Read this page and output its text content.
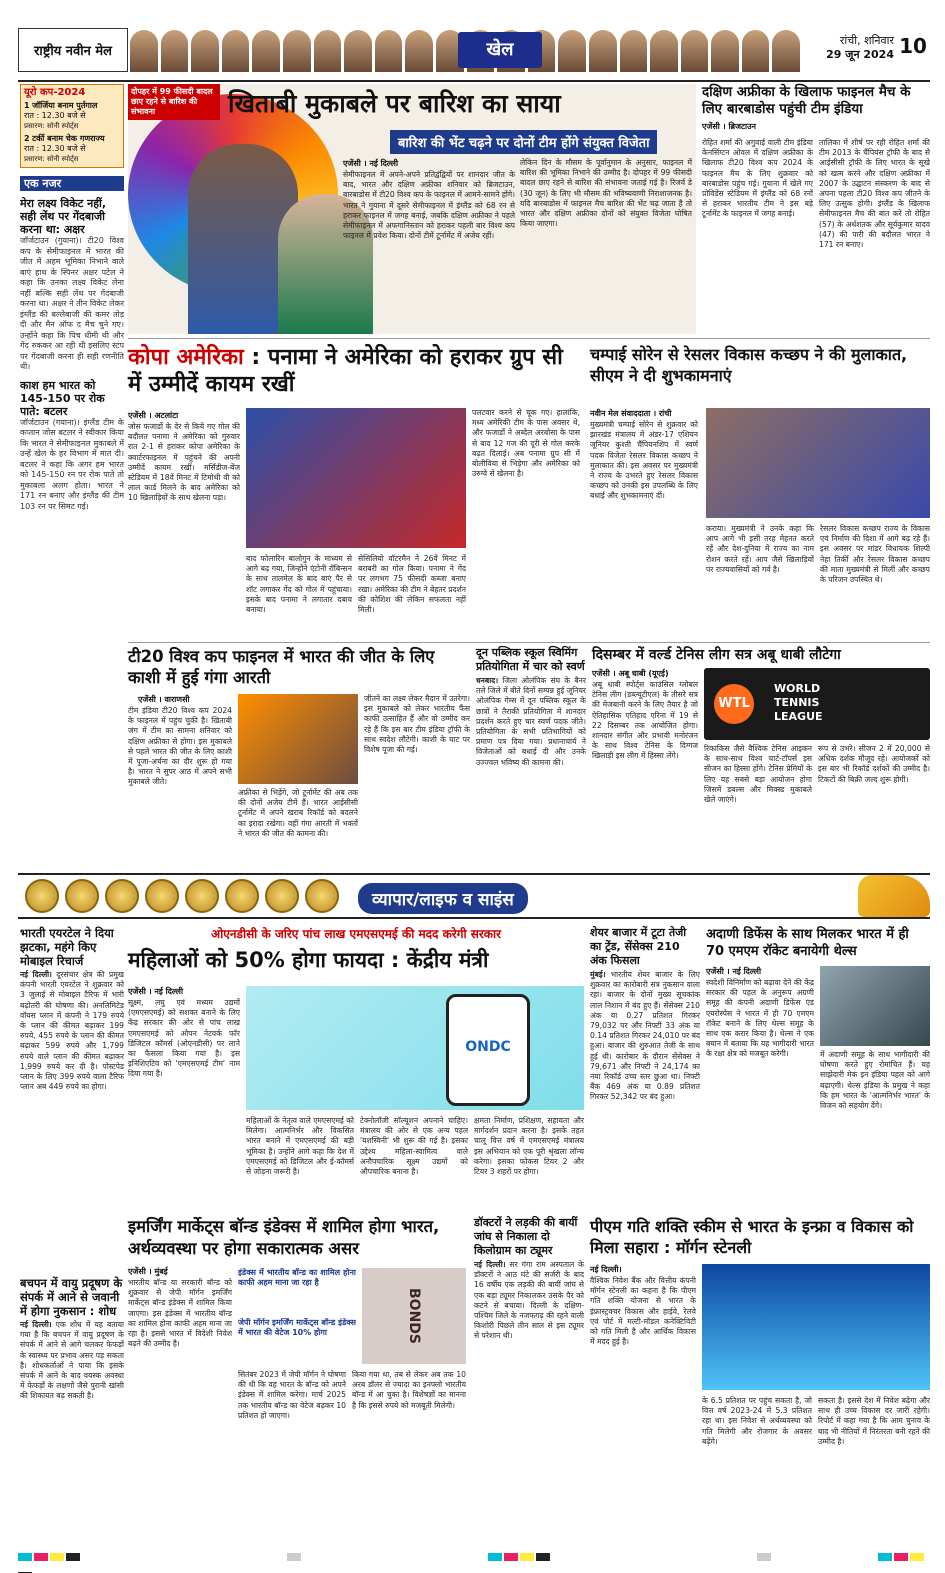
राष्ट्रीय नवीन मेल	खेल	रांची, शनिवार
29 जून 2024 10
यूरो कप-2024
1 जॉर्जिया बनाम पुर्तगाल
रात : 12.30 बजे से
प्रसारण: सोनी स्पोर्ट्स
2 टर्की बनाम चेक गणराज्य
रात : 12.30 बजे से
प्रसारण: सोनी स्पोर्ट्स
एक नजर
मेरा लक्ष्य विकेट नहीं, सही लेंथ पर गेंदबाजी करना था: अक्षर
जॉर्जटाउन (गुयाना)। टी20 विश्व कप के सेमीफाइनल में भारत की जीत में अहम भूमिका निभाने वाले बाएं हाथ के स्पिनर अक्षर पटेल ने कहा कि उनका लक्ष्य विकेट लेना नहीं बल्कि सही लेंथ पर गेंदबाजी करना था। अक्षर ने तीन विकेट लेकर इंग्लैंड की बल्लेबाजी की कमर तोड़ दी और मैन ऑफ द मैच चुने गए। उन्होंने कहा कि पिच धीमी थी और गेंद रुककर आ रही थी इसलिए स्टंप पर गेंदबाजी करना ही सही रणनीति थी।
काश हम भारत को 145-150 पर रोक पाते: बटलर
जॉर्जटाउन (गयाना)। इंग्लैंड टीम के कप्तान जोस बटलर ने स्वीकार किया कि भारत ने सेमीफाइनल मुकाबले में उन्हें खेल के हर विभाग में मात दी। बटलर ने कहा कि अगर हम भारत को 145-150 रन पर रोक पाते तो मुकाबला अलग होता। भारत ने 171 रन बनाए और इंग्लैंड की टीम 103 रन पर सिमट गई।
दोपहर में 99 फीसदी बादल छाए रहने से बारिश की संभावना	खिताबी मुकाबले पर बारिश का साया
बारिश की भेंट चढ़ने पर दोनों टीम होंगे संयुक्त विजेता
एजेंसी । नई दिल्ली
सेमीफाइनल में अपने-अपने प्रतिद्वंद्वियों पर शानदार जीत के बाद, भारत और दक्षिण अफ्रीका शनिवार को ब्रिजटाउन, बारबाडोस में टी20 विश्व कप के फाइनल में आमने-सामने होंगे। भारत ने गुयाना में दूसरे सेमीफाइनल में इंग्लैंड को 68 रन से हराकर फाइनल में जगह बनाई, जबकि दक्षिण अफ्रीका ने पहले सेमीफाइनल में अफगानिस्तान को हराकर पहली बार विश्व कप फाइनल में प्रवेश किया। दोनों टीमें टूर्नामेंट में अजेय रहीं।
लेकिन दिन के मौसम के पूर्वानुमान के अनुसार, फाइनल में बारिश की भूमिका निभाने की उम्मीद है। दोपहर में 99 फीसदी बादल छाए रहने से बारिश की संभावना जताई गई है। रिजर्व डे (30 जून) के लिए भी मौसम की भविष्यवाणी निराशाजनक है। यदि बारबाडोस में फाइनल मैच बारिश की भेंट चढ़ जाता है तो भारत और दक्षिण अफ्रीका दोनों को संयुक्त विजेता घोषित किया जाएगा।
दक्षिण अफ्रीका के खिलाफ फाइनल मैच के लिए बारबाडोस पहुंची टीम इंडिया
एजेंसी । ब्रिजटाउन
रोहित शर्मा की अगुवाई वाली टीम इंडिया केनसिंग्टन ओवल में दक्षिण अफ्रीका के खिलाफ टी20 विश्व कप 2024 के फाइनल मैच के लिए शुक्रवार को बारबाडोस पहुंच गई। गुयाना में खेले गए प्रोविडेंस स्टेडियम में इंग्लैंड को 68 रनों से हराकर भारतीय टीम ने इस बड़े टूर्नामेंट के फाइनल में जगह बनाई।
तालिका में शीर्ष पर रही रोहित शर्मा की टीम 2013 के चैंपियंस ट्रॉफी के बाद से आईसीसी ट्रॉफी के लिए भारत के सूखे को खत्म करने और दक्षिण अफ्रीका में 2007 के उद्घाटन संस्करण के बाद से अपना पहला टी20 विश्व कप जीतने के लिए उत्सुक होगी। इंग्लैंड के खिलाफ सेमीफाइनल मैच की बात करें तो रोहित (57) के अर्धशतक और सूर्यकुमार यादव (47) की पारी की बदौलत भारत ने 171 रन बनाए।
कोपा अमेरिका : पनामा ने अमेरिका को हराकर ग्रुप सी में उम्मीदें कायम रखीं
एजेंसी । अटलांटा
जोस फजार्डो के देर से किये गए गोल की बदौलत पनामा ने अमेरिका को गुरुवार रात 2-1 से हराकर कोपा अमेरिका के क्वार्टरफाइनल में पहुंचने की अपनी उम्मीदें कायम रखीं। मर्सिडीज-बेंज स्टेडियम में 18वें मिनट में टिमोथी वी को लाल कार्ड मिलने के बाद अमेरिका को 10 खिलाड़ियों के साथ खेलना पड़ा।
बाद फोलारिन बालोगुन के माध्यम से आगे बढ़ गया, जिन्होंने एंटोनी रॉबिन्सन के साथ तालमेल के बाद बाएं पैर से शॉट लगाकर गेंद को गोल में पहुंचाया। इसके बाद पनामा ने लगातार दबाव बनाया।
सेसिलियो वॉटरमैन ने 26वें मिनट में बराबरी का गोल किया। पनामा ने गेंद पर लगभग 75 फीसदी कब्जा बनाए रखा। अमेरिका की टीम ने बेहतर प्रदर्शन की कोशिश की लेकिन सफलता नहीं मिली।
पलटवार करने से चूक गए। हालांकि, मध्य अमेरिकी टीम के पास अवसर थे, और फजार्डो ने अब्देल अरबोसा के पास से बाद 12 गज की दूरी से गोल करके बढ़त दिलाई। अब पनामा ग्रुप सी में बोलीविया से भिड़ेगा और अमेरिका को उरुग्वे से खेलना है।
चम्पाई सोरेन से रेसलर विकास कच्छप ने की मुलाकात, सीएम ने दी शुभकामनाएं
नवीन मेल संवाददाता । रांची
मुख्यमंत्री चम्पाई सोरेन से शुक्रवार को झारखंड मंत्रालय में अंडर-17 एशियन जूनियर कुश्ती चैंपियनशिप में स्वर्ण पदक विजेता रेसलर विकास कच्छप ने मुलाकात की। इस अवसर पर मुख्यमंत्री ने राज्य के उभरते हुए रेसलर विकास कच्छप को उनकी इस उपलब्धि के लिए बधाई और शुभकामनाएं दीं।
कराया। मुख्यमंत्री ने उनके कहा कि आप आगे भी इसी तरह मेहनत करते रहें और देश-दुनिया में राज्य का नाम रोशन करते रहें। आप जैसे खिलाड़ियों पर राज्यवासियों को गर्व है।
रेसलर विकास कच्छप राज्य के विकास एवं निर्माण की दिशा में आगे बढ़ रहे हैं। इस अवसर पर मांडर विधायक शिल्पी नेहा तिर्की और रेसलर विकास कच्छप की माता मुख्यमंत्री से मिलीं और कच्छप के परिजन उपस्थित थे।
टी20 विश्व कप फाइनल में भारत की जीत के लिए काशी में हुई गंगा आरती
एजेंसी । वाराणसी
टीम इंडिया टी20 विश्व कप 2024 के फाइनल में पहुंच चुकी है। खिताबी जंग में टीम का सामना शनिवार को दक्षिण अफ्रीका से होगा। इस मुकाबले से पहले भारत की जीत के लिए काशी में पूजा-अर्चना का दौर शुरू हो गया है। भारत ने सुपर आठ में अपने सभी मुकाबले जीते।
अफ्रीका से भिड़ेंगे, जो टूर्नामेंट की अब तक की दोनों अजेय टीमें हैं। भारत आईसीसी टूर्नामेंट में अपने खराब रिकॉर्ड को बदलने का इरादा रखेगा। वहीं गंगा आरती में भक्तों ने भारत की जीत की कामना की।
जीतने का लक्ष्य लेकर मैदान में उतरेगा। इस मुकाबले को लेकर भारतीय फैंस काफी उत्साहित हैं और वो उम्मीद कर रहे हैं कि इस बार टीम इंडिया ट्रॉफी के साथ स्वदेश लौटेगी। काशी के घाट पर विशेष पूजा की गई।
दून पब्लिक स्कूल स्विमिंग प्रतियोगिता में चार को स्वर्ण
धनबाद। जिला ओलंपिक संघ के बैनर तले जिले में बीते दिनों सम्पन्न हुई जूनियर ओलंपिक गेम्स में दून पब्लिक स्कूल के छात्रों ने तैराकी प्रतियोगिता में शानदार प्रदर्शन करते हुए चार स्वर्ण पदक जीते। प्रतियोगिता के सभी प्रतिभागियों को प्रमाण पत्र दिया गया। प्रधानाचार्य ने विजेताओं को बधाई दी और उनके उज्ज्वल भविष्य की कामना की।
दिसम्बर में वर्ल्ड टेनिस लीग सत्र अबू धाबी लौटेगा
एजेंसी । अबू धाबी (यूएई)
अबू धाबी स्पोर्ट्स काउंसिल ग्लोबल टेनिस लीग (डब्ल्यूटीएल) के तीसरे सत्र की मेजबानी करने के लिए तैयार है जो ऐतिहासिक एतिहाद एरिना में 19 से 22 दिसम्बर तक आयोजित होगा। शानदार संगीत और प्रभावी मनोरंजन के साथ विश्व टेनिस के दिग्गज खिलाड़ी इस लीग में हिस्सा लेंगे।
WTL
WORLD
TENNIS
LEAGUE
रिकाकिस जैसे वैश्विक टेनिस आइकन के साथ-साथ विश्व चार्ट-टॉपर्स इस सीजन का हिस्सा होंगे। टेनिस प्रेमियों के लिए यह सबसे बड़ा आयोजन होगा जिसमें डबल्स और मिक्स्ड मुकाबले खेले जाएंगे।
रूप से उभरे। सीजन 2 में 20,000 से अधिक दर्शक मौजूद रहे। आयोजकों को इस बार भी रिकॉर्ड दर्शकों की उम्मीद है। टिकटों की बिक्री जल्द शुरू होगी।
व्यापार/लाइफ व साइंस
भारती एयरटेल ने दिया झटका, महंगे किए मोबाइल रिचार्ज
नई दिल्ली। दूरसंचार क्षेत्र की प्रमुख कंपनी भारती एयरटेल ने शुक्रवार को 3 जुलाई से मोबाइल टैरिफ में भारी बढ़ोतरी की घोषणा की। अनलिमिटेड वॉयस प्लान में कंपनी ने 179 रुपये के प्लान की कीमत बढ़ाकर 199 रुपये, 455 रुपये के प्लान की कीमत बढ़ाकर 599 रुपये और 1,799 रुपये वाले प्लान की कीमत बढ़ाकर 1,999 रुपये कर दी है। पोस्टपेड प्लान के लिए 399 रुपये वाला टैरिफ प्लान अब 449 रुपये का होगा।
बचपन में वायु प्रदूषण के संपर्क में आने से जवानी में होगा नुकसान : शोध
नई दिल्ली। एक शोध में यह बताया गया है कि बचपन में वायु प्रदूषण के संपर्क में आने से आगे चलकर फेफड़ों के स्वास्थ्य पर प्रभाव असर पड़ सकता है। शोधकर्ताओं ने पाया कि इसके संपर्क में आने के बाद वयस्क अवस्था में फेफड़ों के लक्षणों जैसे पुरानी खांसी की शिकायत बढ़ सकती है।
ओएनडीसी के जरिए पांच लाख एमएसएमई की मदद करेगी सरकार
महिलाओं को 50% होगा फायदा : केंद्रीय मंत्री
एजेंसी । नई दिल्ली
सूक्ष्म, लघु एवं मध्यम उद्यमों (एमएसएमई) को सशक्त बनाने के लिए केंद्र सरकार की ओर से पांच लाख एमएसएमई को ओपन नेटवर्क फॉर डिजिटल कॉमर्स (ओएनडीसी) पर लाने का फैसला किया गया है। इस इनिशिएटिव को 'एमएसएमई टीम' नाम दिया गया है।
ONDC
महिलाओं के नेतृत्व वाले एमएसएमई को मिलेगा। आत्मनिर्भर और विकसित भारत बनाने में एमएसएमई की बड़ी भूमिका है। उन्होंने आगे कहा कि देश में एमएसएमई को डिजिटल और ई-कॉमर्स से जोड़ना जरूरी है।
टेक्नोलॉजी सॉल्यूशन अपनाने चाहिए। मंत्रालय की ओर से एक अन्य पहल 'यशस्विनी' भी शुरू की गई है। इसका उद्देश्य महिला-स्वामित्व वाले अनौपचारिक सूक्ष्म उद्यमों को औपचारिक बनाना है।
क्षमता निर्माण, प्रशिक्षण, सहायता और मार्गदर्शन प्रदान करना है। इसके तहत चालू वित्त वर्ष में एमएसएमई मंत्रालय इस अभियान को एक पूरी श्रृंखला लॉन्च करेगा। इसका फोकस टियर 2 और टियर 3 शहरों पर होगा।
शेयर बाजार में टूटा तेजी का ट्रेंड, सेंसेक्स 210 अंक फिसला
मुंबई। भारतीय शेयर बाजार के लिए शुक्रवार का कारोबारी सत्र नुकसान वाला रहा। बाजार के दोनों मुख्य सूचकांक लाल निशान में बंद हुए हैं। सेंसेक्स 210 अंक या 0.27 प्रतिशत गिरकर 79,032 पर और निफ्टी 33 अंक या 0.14 प्रतिशत गिरकर 24,010 पर बंद हुआ। बाजार की शुरुआत तेजी के साथ हुई थी। कारोबार के दौरान सेंसेक्स ने 79,671 और निफ्टी ने 24,174 का नया रिकॉर्ड उच्च स्तर छुआ था। निफ्टी बैंक 469 अंक या 0.89 प्रतिशत गिरकर 52,342 पर बंद हुआ।
अदाणी डिफेंस के साथ मिलकर भारत में ही 70 एमएम रॉकेट बनायेगी थेल्स
एजेंसी । नई दिल्ली
स्वदेशी विनिर्माण को बढ़ावा देने की केंद्र सरकार की पहल के अनुरूप अग्रणी समूह की कंपनी अदाणी डिफेंस एंड एयरोस्पेस ने भारत में ही 70 एमएम रॉकेट बनाने के लिए थेल्स समूह के साथ एक करार किया है। थेल्स ने एक बयान में बताया कि यह भागीदारी भारत के रक्षा क्षेत्र को मजबूत करेगी।	में अदाणी समूह के साथ भागीदारी की घोषणा करते हुए रोमांचित हैं। यह साझेदारी मेक इन इंडिया पहल को आगे बढ़ाएगी। थेल्स इंडिया के प्रमुख ने कहा कि हम भारत के 'आत्मनिर्भर भारत' के विजन को सहयोग देंगे।
इमर्जिंग मार्केट्स बॉन्ड इंडेक्स में शामिल होगा भारत, अर्थव्यवस्था पर होगा सकारात्मक असर
एजेंसी । मुंबई
भारतीय बॉन्ड या सरकारी बॉन्ड को शुक्रवार से जेपी मॉर्गन इमर्जिंग मार्केट्स बॉन्ड इंडेक्स में शामिल किया जाएगा। इस इंडेक्स में भारतीय बॉन्ड का शामिल होना काफी अहम माना जा रहा है। इससे भारत में विदेशी निवेश बढ़ने की उम्मीद है।
इंडेक्स में भारतीय बॉन्ड का शामिल होना काफी अहम माना जा रहा है
जेपी मॉर्गन इमर्जिंग मार्केट्स बॉन्ड इंडेक्स में भारत की वेटेज 10% होगा	BONDS
सितंबर 2023 में जेपी मॉर्गन ने घोषणा की थी कि वह भारत के बॉन्ड को अपने इंडेक्स में शामिल करेगा। मार्च 2025 तक भारतीय बॉन्ड का वेटेज बढ़कर 10 प्रतिशत हो जाएगा।
किया गया था, तब से लेकर अब तक 10 अरब डॉलर से ज्यादा का इनफ्लो भारतीय बॉन्ड में आ चुका है। विशेषज्ञों का मानना है कि इससे रुपये को मजबूती मिलेगी।
डॉक्टरों ने लड़की की बायीं जांघ से निकाला दो किलोग्राम का ट्यूमर
नई दिल्ली। सर गंगा राम अस्पताल के डॉक्टरों ने आठ घंटे की सर्जरी के बाद 16 वर्षीय एक लड़की की बायीं जांघ से एक बड़ा ट्यूमर निकालकर उसके पैर को कटने से बचाया। दिल्ली के दक्षिण-पश्चिम जिले के नजफगढ़ की रहने वाली किशोरी पिछले तीन साल से इस ट्यूमर से परेशान थी।
पीएम गति शक्ति स्कीम से भारत के इन्फ्रा व विकास को मिला सहारा : मॉर्गन स्टेनली
नई दिल्ली।
वैश्विक निवेश बैंक और वित्तीय कंपनी मॉर्गन स्टेनली का कहना है कि पीएम गति शक्ति योजना से भारत के इंफ्रास्ट्रक्चर विकास और हाईवे, रेलवे एवं पोर्ट में मल्टी-मॉडल कनेक्टिविटी को गति मिली है और आर्थिक विकास में मदद हुई है।
के 6.5 प्रतिशत पर पहुंच सकता है, जो वित्त वर्ष 2023-24 में 5.3 प्रतिशत रहा था। इस निवेश से अर्थव्यवस्था को गति मिलेगी और रोजगार के अवसर बढ़ेंगे।
सकता है। इससे देश में निवेश बढ़ेगा और साथ ही उच्च विकास दर जारी रहेगी। रिपोर्ट में कहा गया है कि आम चुनाव के बाद भी नीतियों में निरंतरता बनी रहने की उम्मीद है।
